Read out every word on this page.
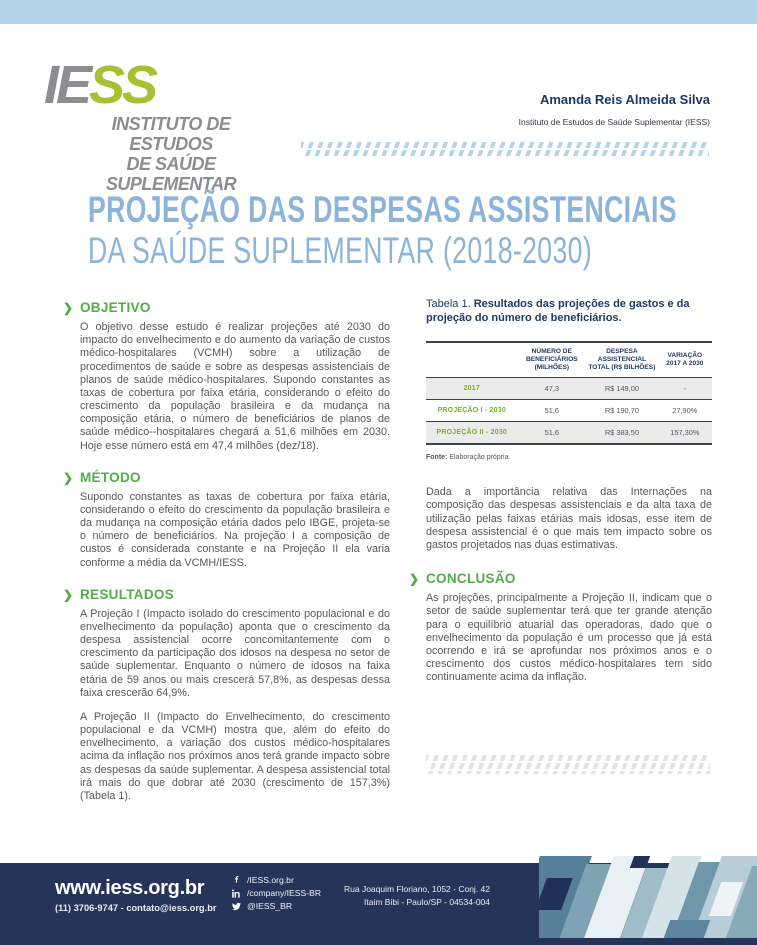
IESS
INSTITUTO DE ESTUDOS
DE SAÚDE SUPLEMENTAR
Amanda Reis Almeida Silva
Instituto de Estudos de Saúde Suplementar (IESS)
PROJEÇÃO DAS DESPESAS ASSISTENCIAIS
DA SAÚDE SUPLEMENTAR (2018-2030)
❯ OBJETIVO
O objetivo desse estudo é realizar projeções até 2030 do impacto do envelhecimento e do aumento da variação de custos médico-hospitalares (VCMH) sobre a utilização de procedimentos de saúde e sobre as despesas assistenciais de planos de saúde médico-hospitalares. Supondo constantes as taxas de cobertura por faixa etária, considerando o efeito do crescimento da população brasileira e da mudança na composição etária, o número de beneficiários de planos de saúde médico--hospitalares chegará a 51,6 milhões em 2030. Hoje esse número está em 47,4 milhões (dez/18).
❯ MÉTODO
Supondo constantes as taxas de cobertura por faixa etária, considerando o efeito do crescimento da população brasileira e da mudança na composição etária dados pelo IBGE, projeta-se o número de beneficiários. Na projeção I a composição de custos é considerada constante e na Projeção II ela varia conforme a média da VCMH/IESS.
❯ RESULTADOS
A Projeção I (Impacto isolado do crescimento populacional e do envelhecimento da população) aponta que o crescimento da despesa assistencial ocorre concomitantemente com o crescimento da participação dos idosos na despesa no setor de saúde suplementar. Enquanto o número de idosos na faixa etária de 59 anos ou mais crescerá 57,8%, as despesas dessa faixa crescerão 64,9%.
A Projeção II (Impacto do Envelhecimento, do crescimento populacional e da VCMH) mostra que, além do efeito do envelhecimento, a variação dos custos médico-hospitalares acima da inflação nos próximos anos terá grande impacto sobre as despesas da saúde suplementar. A despesa assistencial total irá mais do que dobrar até 2030 (crescimento de 157,3%) (Tabela 1).
Tabela 1. Resultados das projeções de gastos e da projeção do número de beneficiários.
	NÚMERO DE BENEFICIÁRIOS (MILHÕES)	DESPESA ASSISTENCIAL TOTAL (R$ BILHÕES)	VARIAÇÃO 2017 A 2030
2017	47,3	R$ 149,00	-
PROJEÇÃO I - 2030	51,6	R$ 190,70	27,90%
PROJEÇÃO II - 2030	51,6	R$ 383,50	157,30%
Fonte: Elaboração própria.
Dada a importância relativa das Internações na composição das despesas assistenciais e da alta taxa de utilização pelas faixas etárias mais idosas, esse item de despesa assistencial é o que mais tem impacto sobre os gastos projetados nas duas estimativas.
❯ CONCLUSÃO
As projeções, principalmente a Projeção II, indicam que o setor de saúde suplementar terá que ter grande atenção para o equilíbrio atuarial das operadoras, dado que o envelhecimento da população é um processo que já está ocorrendo e irá se aprofundar nos próximos anos e o crescimento dos custos médico-hospitalares tem sido continuamente acima da inflação.
www.iess.org.br
(11) 3706-9747 - contato@iess.org.br
/IESS.org.br
/company/IESS-BR
@IESS_BR
Rua Joaquim Floriano, 1052 - Conj. 42
Itaim Bibi - Paulo/SP - 04534-004
